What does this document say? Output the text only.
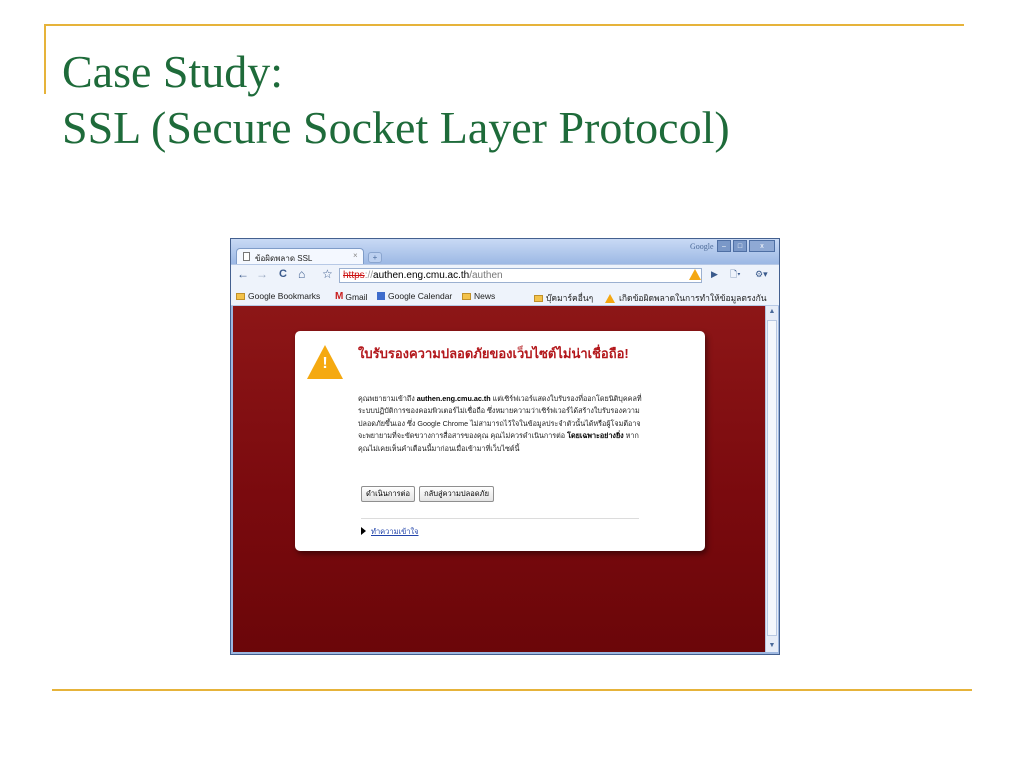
Case Study:
SSL (Secure Socket Layer Protocol)
ข้อผิดพลาด SSL	×	+
Google	–	□	x
← → C ⌂ ☆	https://authen.eng.cmu.ac.th/authen	▶ 🗋▾ ⚙▾
Google Bookmarks M Gmail Google Calendar	News	บุ๊คมาร์คอื่นๆ	เกิดข้อผิดพลาดในการทำให้ข้อมูลตรงกัน
!
ใบรับรองความปลอดภัยของเว็บไซต์ไม่น่าเชื่อถือ!

คุณพยายามเข้าถึง authen.eng.cmu.ac.th แต่เซิร์ฟเวอร์แสดงใบรับรองที่ออกโดยนิติบุคคลที่ระบบปฏิบัติการของคอมพิวเตอร์ไม่เชื่อถือ ซึ่งหมายความว่าเซิร์ฟเวอร์ได้สร้างใบรับรองความปลอดภัยขึ้นเอง ซึ่ง Google Chrome ไม่สามารถไว้ใจในข้อมูลประจำตัวนั้นได้หรือผู้โจมตีอาจจะพยายามที่จะขัดขวางการสื่อสารของคุณ คุณไม่ควรดำเนินการต่อ โดยเฉพาะอย่างยิ่ง หากคุณไม่เคยเห็นคำเตือนนี้มาก่อนเมื่อเข้ามาที่เว็บไซต์นี้

ดำเนินการต่อ	กลับสู่ความปลอดภัย
ทำความเข้าใจ
▲
▼
